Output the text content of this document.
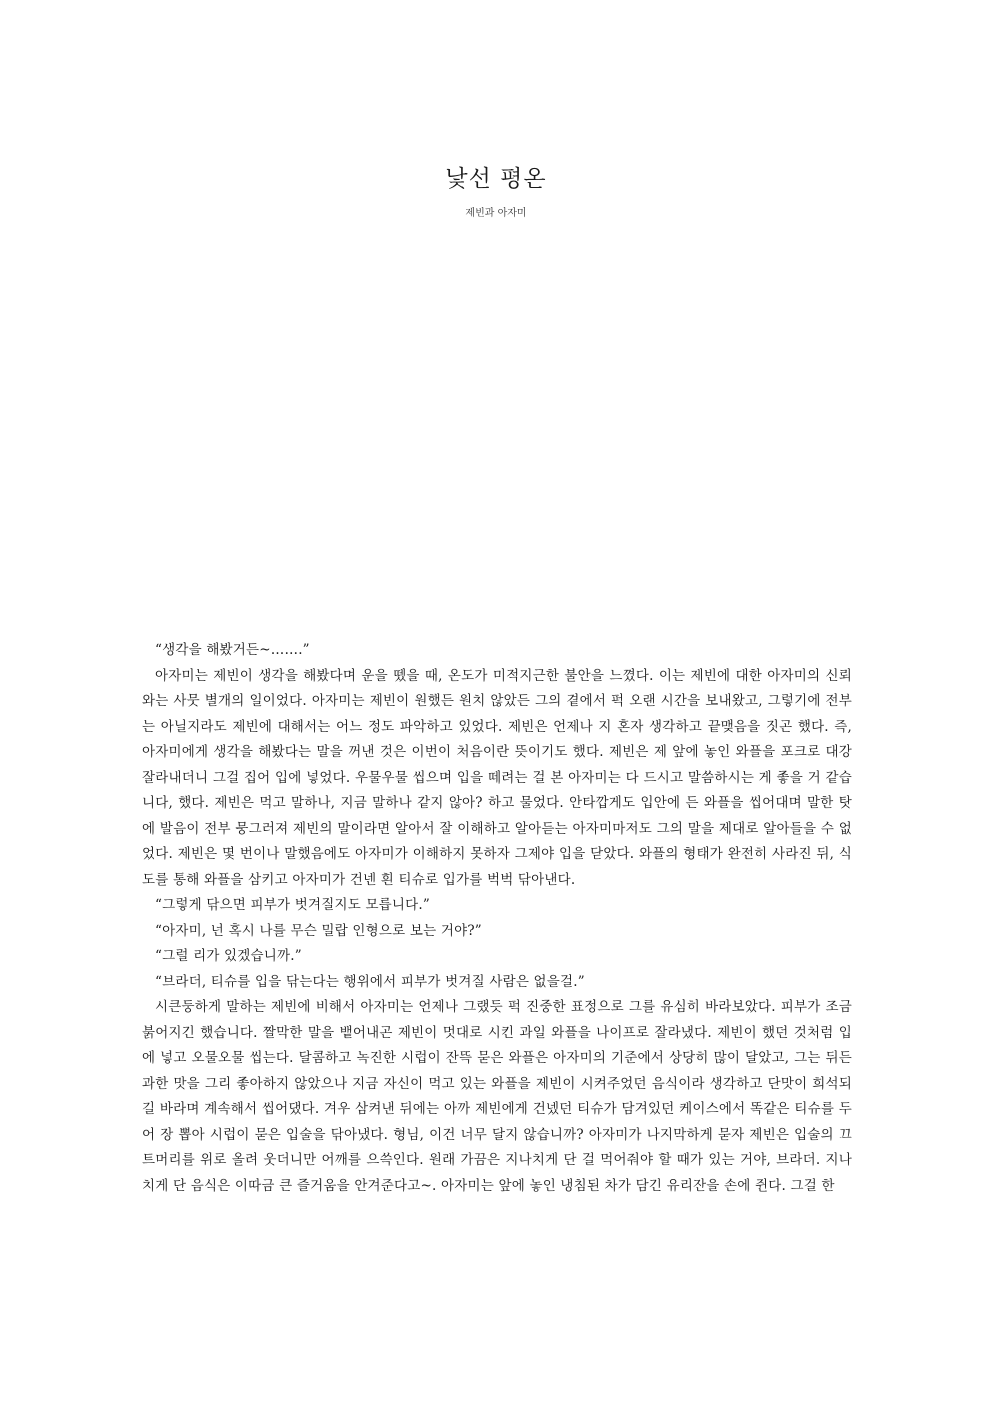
낯선 평온
제빈과 아자미

“생각을 해봤거든~…….”

아자미는 제빈이 생각을 해봤다며 운을 뗐을 때, 온도가 미적지근한 불안을 느꼈다. 이는 제빈에 대한 아자미의 신뢰와는 사뭇 별개의 일이었다. 아자미는 제빈이 원했든 원치 않았든 그의 곁에서 퍽 오랜 시간을 보내왔고, 그렇기에 전부는 아닐지라도 제빈에 대해서는 어느 정도 파악하고 있었다. 제빈은 언제나 지 혼자 생각하고 끝맺음을 짓곤 했다. 즉, 아자미에게 생각을 해봤다는 말을 꺼낸 것은 이번이 처음이란 뜻이기도 했다. 제빈은 제 앞에 놓인 와플을 포크로 대강 잘라내더니 그걸 집어 입에 넣었다. 우물우물 씹으며 입을 떼려는 걸 본 아자미는 다 드시고 말씀하시는 게 좋을 거 같습니다, 했다. 제빈은 먹고 말하나, 지금 말하나 같지 않아? 하고 물었다. 안타깝게도 입안에 든 와플을 씹어대며 말한 탓에 발음이 전부 뭉그러져 제빈의 말이라면 알아서 잘 이해하고 알아듣는 아자미마저도 그의 말을 제대로 알아들을 수 없었다. 제빈은 몇 번이나 말했음에도 아자미가 이해하지 못하자 그제야 입을 닫았다. 와플의 형태가 완전히 사라진 뒤, 식도를 통해 와플을 삼키고 아자미가 건넨 흰 티슈로 입가를 벅벅 닦아낸다.

“그렇게 닦으면 피부가 벗겨질지도 모릅니다.”

“아자미, 넌 혹시 나를 무슨 밀랍 인형으로 보는 거야?”

“그럴 리가 있겠습니까.”

“브라더, 티슈를 입을 닦는다는 행위에서 피부가 벗겨질 사람은 없을걸.”

시큰둥하게 말하는 제빈에 비해서 아자미는 언제나 그랬듯 퍽 진중한 표정으로 그를 유심히 바라보았다. 피부가 조금 붉어지긴 했습니다. 짤막한 말을 뱉어내곤 제빈이 멋대로 시킨 과일 와플을 나이프로 잘라냈다. 제빈이 했던 것처럼 입에 넣고 오물오물 씹는다. 달콤하고 녹진한 시럽이 잔뜩 묻은 와플은 아자미의 기준에서 상당히 많이 달았고, 그는 뒤든 과한 맛을 그리 좋아하지 않았으나 지금 자신이 먹고 있는 와플을 제빈이 시켜주었던 음식이라 생각하고 단맛이 희석되길 바라며 계속해서 씹어댔다. 겨우 삼켜낸 뒤에는 아까 제빈에게 건넸던 티슈가 담겨있던 케이스에서 똑같은 티슈를 두어 장 뽑아 시럽이 묻은 입술을 닦아냈다. 형님, 이건 너무 달지 않습니까? 아자미가 나지막하게 묻자 제빈은 입술의 끄트머리를 위로 올려 웃더니만 어깨를 으쓱인다. 원래 가끔은 지나치게 단 걸 먹어줘야 할 때가 있는 거야, 브라더. 지나치게 단 음식은 이따금 큰 즐거움을 안겨준다고~. 아자미는 앞에 놓인 냉침된 차가 담긴 유리잔을 손에 쥔다. 그걸 한
